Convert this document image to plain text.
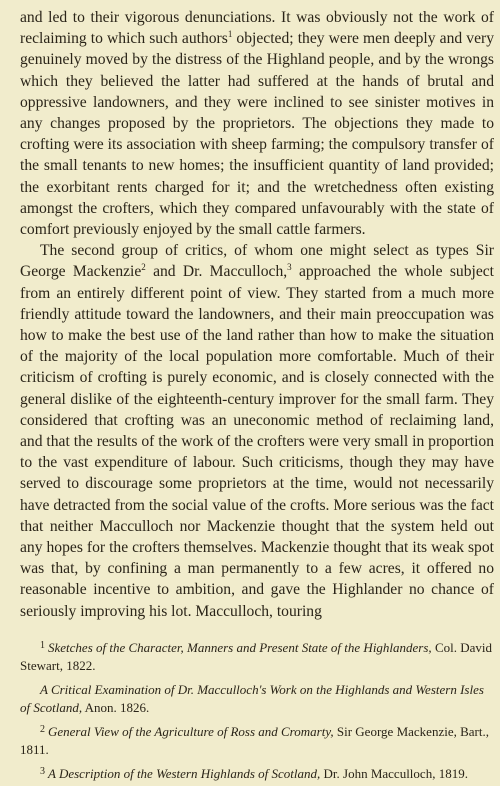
and led to their vigorous denunciations. It was obviously not the work of reclaiming to which such authors$^1$ objected; they were men deeply and very genuinely moved by the distress of the Highland people, and by the wrongs which they believed the latter had suffered at the hands of brutal and oppressive landowners, and they were inclined to see sinister motives in any changes proposed by the proprietors. The objections they made to crofting were its association with sheep farming; the compulsory transfer of the small tenants to new homes; the insufficient quantity of land provided; the exorbitant rents charged for it; and the wretchedness often existing amongst the crofters, which they compared unfavourably with the state of comfort previously enjoyed by the small cattle farmers.

The second group of critics, of whom one might select as types Sir George Mackenzie$^2$ and Dr. Macculloch,$^3$ approached the whole subject from an entirely different point of view. They started from a much more friendly attitude toward the landowners, and their main preoccupation was how to make the best use of the land rather than how to make the situation of the majority of the local population more comfortable. Much of their criticism of crofting is purely economic, and is closely connected with the general dislike of the eighteenth-century improver for the small farm. They considered that crofting was an uneconomic method of reclaiming land, and that the results of the work of the crofters were very small in proportion to the vast expenditure of labour. Such criticisms, though they may have served to discourage some proprietors at the time, would not necessarily have detracted from the social value of the crofts. More serious was the fact that neither Macculloch nor Mackenzie thought that the system held out any hopes for the crofters themselves. Mackenzie thought that its weak spot was that, by confining a man permanently to a few acres, it offered no reasonable incentive to ambition, and gave the Highlander no chance of seriously improving his lot. Macculloch, touring

$^1$ Sketches of the Character, Manners and Present State of the Highlanders, Col. David Stewart, 1822.

A Critical Examination of Dr. Macculloch's Work on the Highlands and Western Isles of Scotland, Anon. 1826.

$^2$ General View of the Agriculture of Ross and Cromarty, Sir George Mackenzie, Bart., 1811.

$^3$ A Description of the Western Highlands of Scotland, Dr. John Macculloch, 1819.
